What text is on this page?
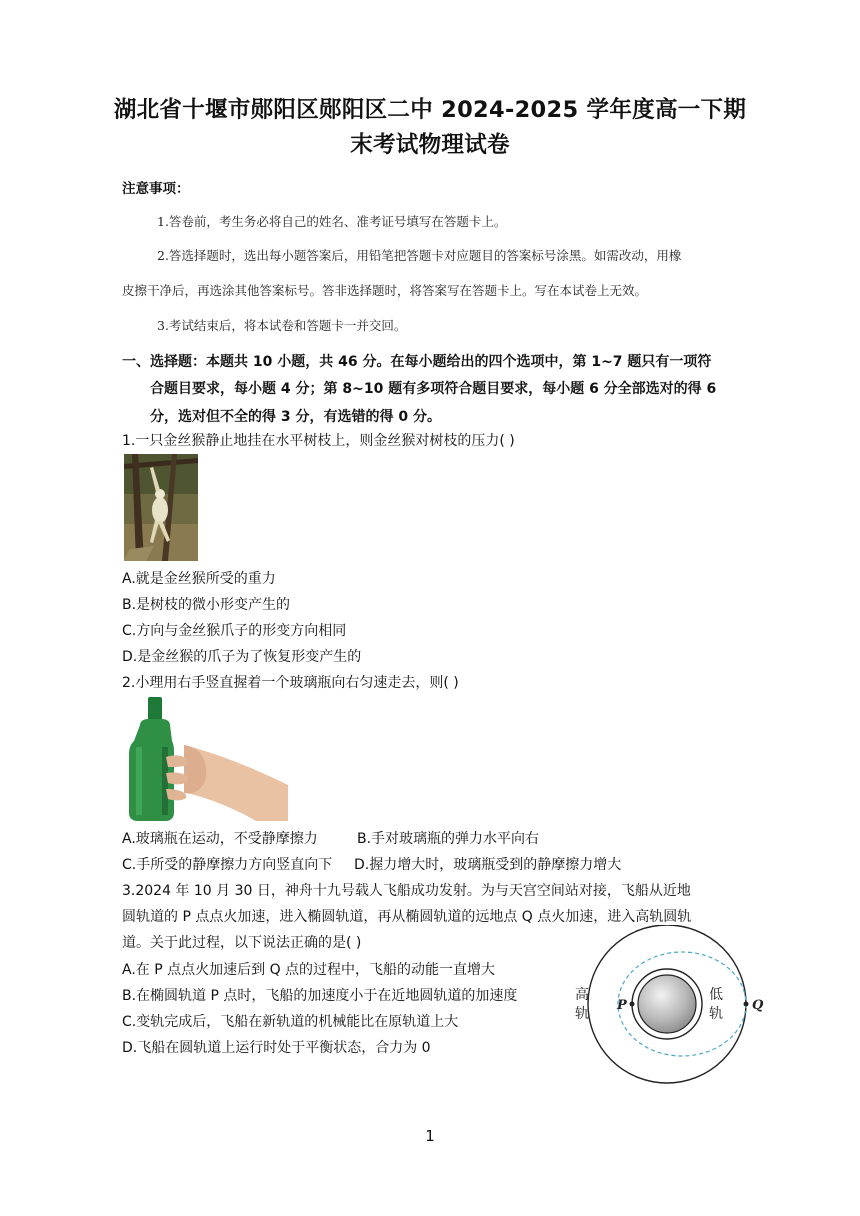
湖北省十堰市郧阳区郧阳区二中 2024-2025 学年度高一下期
末考试物理试卷
注意事项：
1.答卷前，考生务必将自己的姓名、准考证号填写在答题卡上。
2.答选择题时，选出每小题答案后，用铅笔把答题卡对应题目的答案标号涂黑。如需改动，用橡
皮擦干净后，再选涂其他答案标号。答非选择题时，将答案写在答题卡上。写在本试卷上无效。
3.考试结束后，将本试卷和答题卡一并交回。
一、选择题：本题共 10 小题，共 46 分。在每小题给出的四个选项中，第 1~7 题只有一项符
合题目要求，每小题 4 分；第 8~10 题有多项符合题目要求，每小题 6 分全部选对的得 6
分，选对但不全的得 3 分，有选错的得 0 分。
1.一只金丝猴静止地挂在水平树枝上，则金丝猴对树枝的压力( )
A.就是金丝猴所受的重力
B.是树枝的微小形变产生的
C.方向与金丝猴爪子的形变方向相同
D.是金丝猴的爪子为了恢复形变产生的
2.小理用右手竖直握着一个玻璃瓶向右匀速走去，则( )
A.玻璃瓶在运动，不受静摩擦力	B.手对玻璃瓶的弹力水平向右
C.手所受的静摩擦力方向竖直向下 D.握力增大时，玻璃瓶受到的静摩擦力增大
3.2024 年 10 月 30 日，神舟十九号载人飞船成功发射。为与天宫空间站对接，飞船从近地
圆轨道的 P 点点火加速，进入椭圆轨道，再从椭圆轨道的远地点 Q 点火加速，进入高轨圆轨
道。关于此过程，以下说法正确的是( )
A.在 P 点点火加速后到 Q 点的过程中，飞船的动能一直增大
B.在椭圆轨道 P 点时，飞船的加速度小于在近地圆轨道的加速度
C.变轨完成后，飞船在新轨道的机械能比在原轨道上大
D.飞船在圆轨道上运行时处于平衡状态，合力为 0
高
轨
低
轨
P	Q
1
